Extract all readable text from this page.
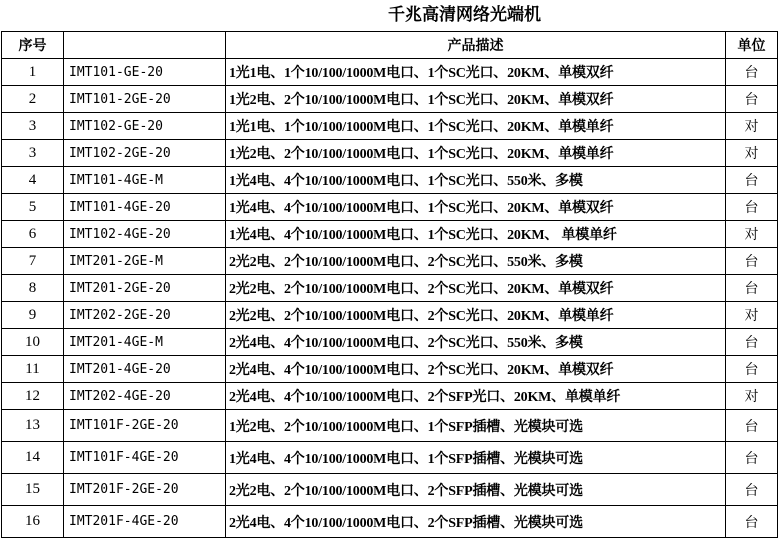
千兆高清网络光端机
序号		产品描述	单位
1	IMT101-GE-20	1光1电、1个10/100/1000M电口、1个SC光口、20KM、单模双纤	台
2	IMT101-2GE-20	1光2电、2个10/100/1000M电口、1个SC光口、20KM、单模双纤	台
3	IMT102-GE-20	1光1电、1个10/100/1000M电口、1个SC光口、20KM、单模单纤	对
3	IMT102-2GE-20	1光2电、2个10/100/1000M电口、1个SC光口、20KM、单模单纤	对
4	IMT101-4GE-M	1光4电、4个10/100/1000M电口、1个SC光口、550米、多模	台
5	IMT101-4GE-20	1光4电、4个10/100/1000M电口、1个SC光口、20KM、单模双纤	台
6	IMT102-4GE-20	1光4电、4个10/100/1000M电口、1个SC光口、20KM、 单模单纤	对
7	IMT201-2GE-M	2光2电、2个10/100/1000M电口、2个SC光口、550米、多模	台
8	IMT201-2GE-20	2光2电、2个10/100/1000M电口、2个SC光口、20KM、单模双纤	台
9	IMT202-2GE-20	2光2电、2个10/100/1000M电口、2个SC光口、20KM、单模单纤	对
10	IMT201-4GE-M	2光4电、4个10/100/1000M电口、2个SC光口、550米、多模	台
11	IMT201-4GE-20	2光4电、4个10/100/1000M电口、2个SC光口、20KM、单模双纤	台
12	IMT202-4GE-20	2光4电、4个10/100/1000M电口、2个SFP光口、20KM、单模单纤	对
13	IMT101F-2GE-20	1光2电、2个10/100/1000M电口、1个SFP插槽、光模块可选	台
14	IMT101F-4GE-20	1光4电、4个10/100/1000M电口、1个SFP插槽、光模块可选	台
15	IMT201F-2GE-20	2光2电、2个10/100/1000M电口、2个SFP插槽、光模块可选	台
16	IMT201F-4GE-20	2光4电、4个10/100/1000M电口、2个SFP插槽、光模块可选	台
